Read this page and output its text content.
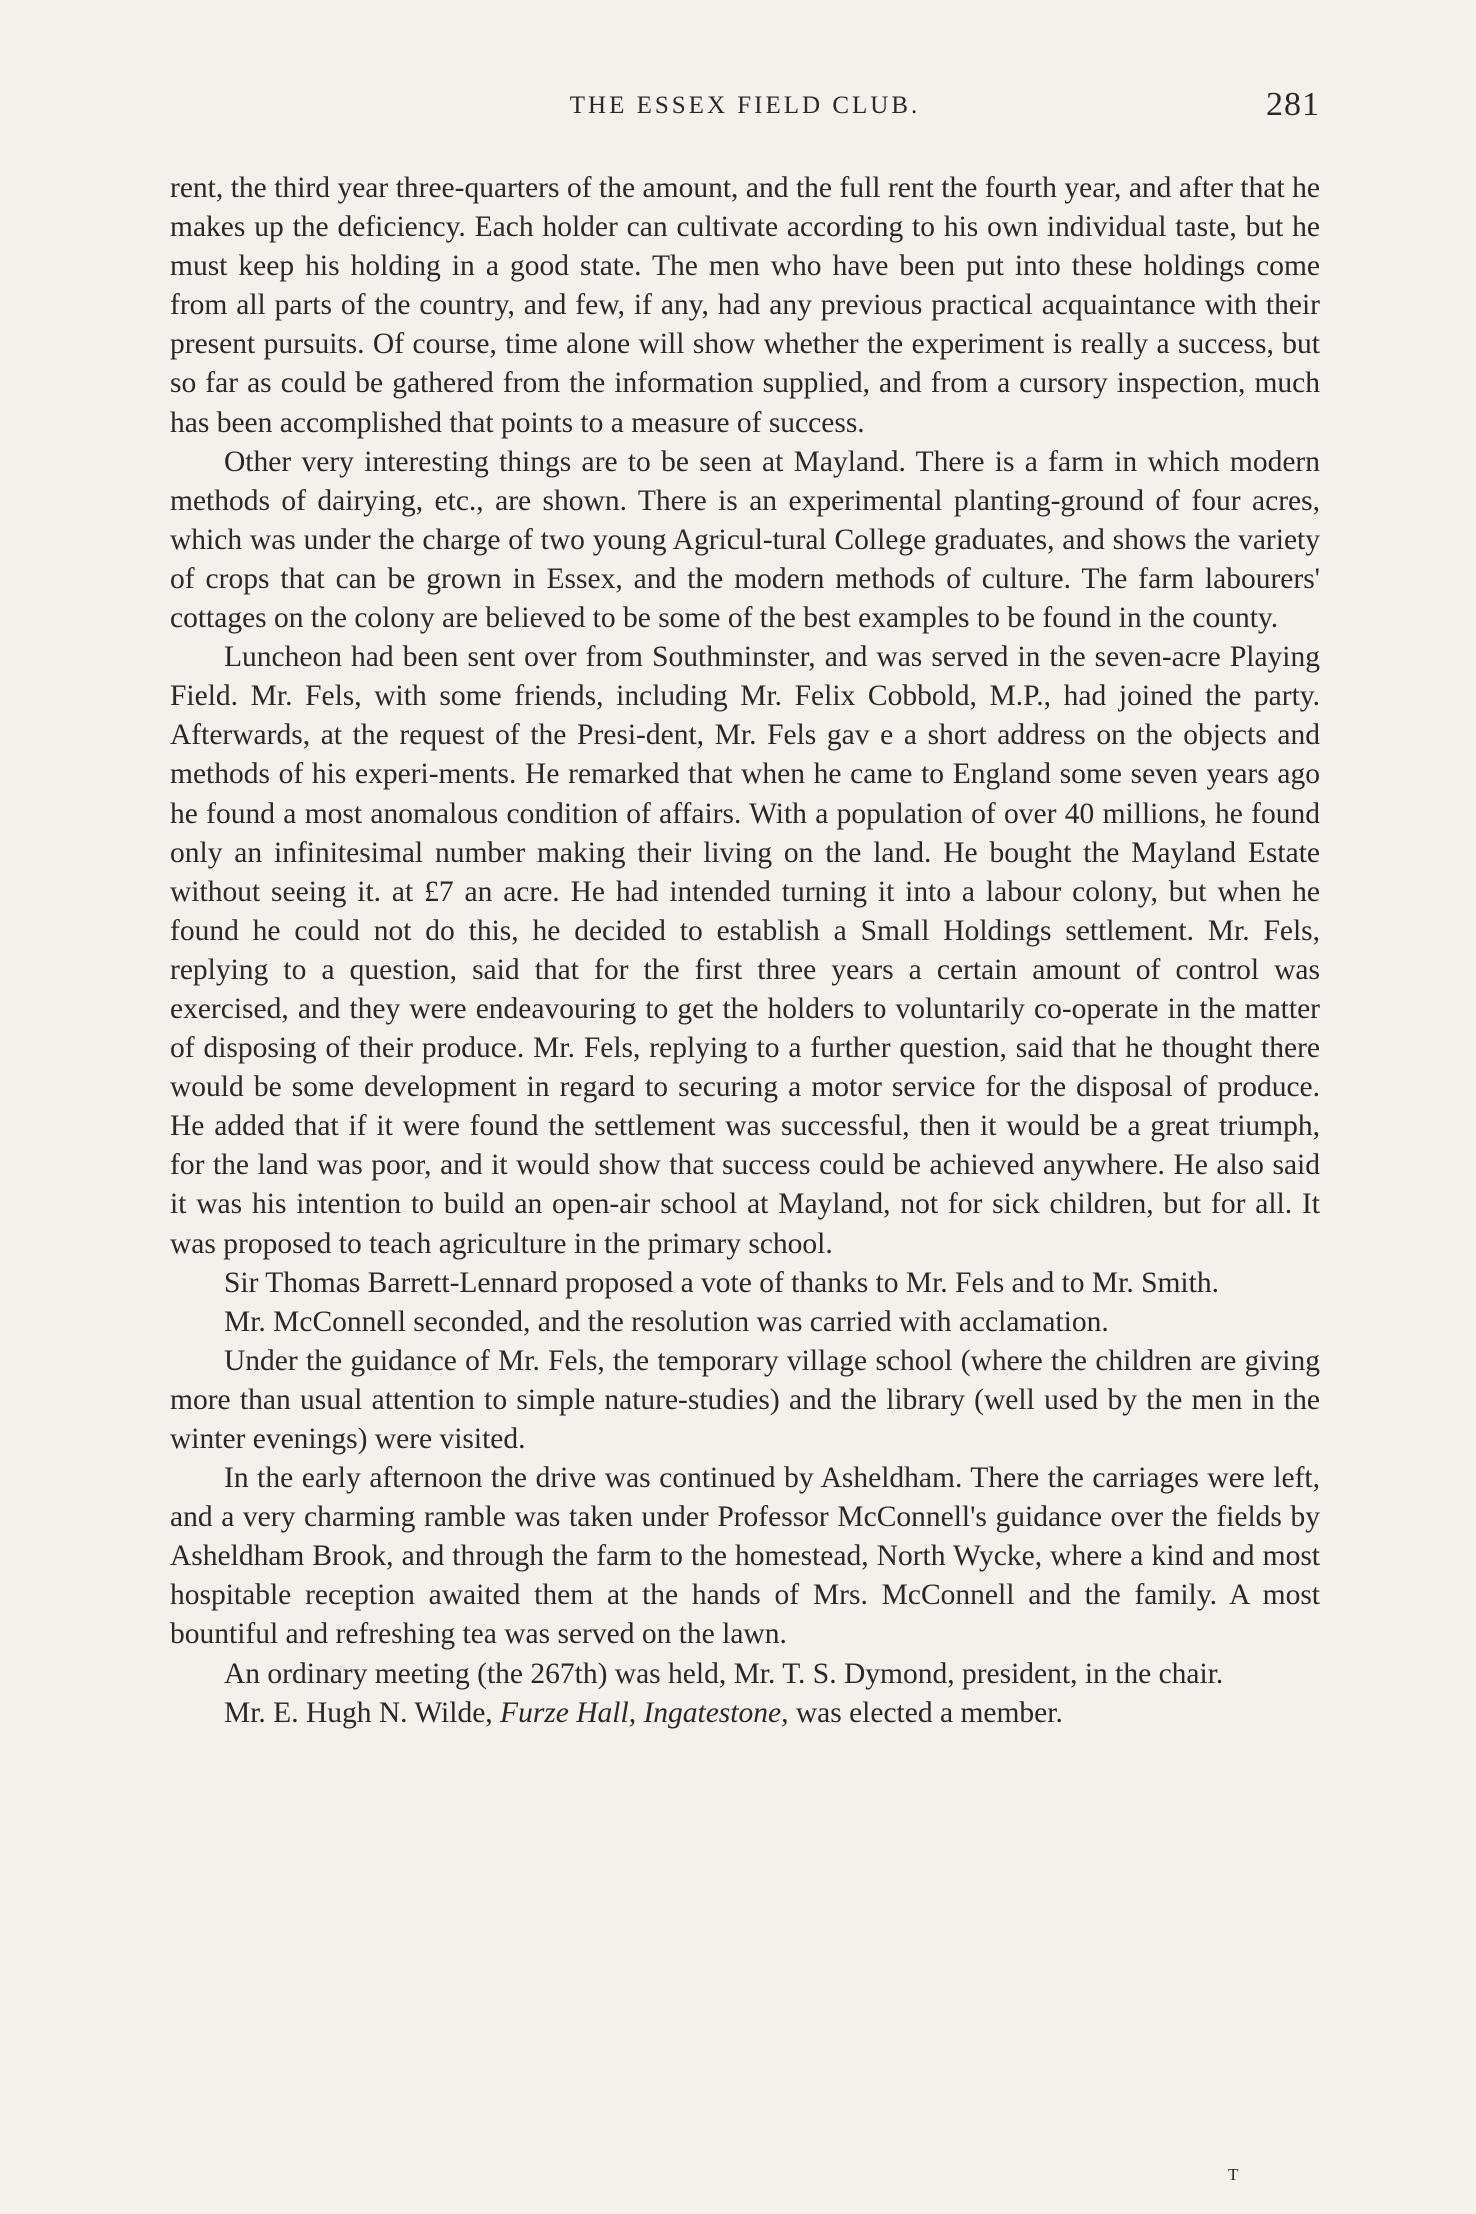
THE ESSEX FIELD CLUB.	281

rent, the third year three-quarters of the amount, and the full rent the fourth year, and after that he makes up the deficiency. Each holder can cultivate according to his own individual taste, but he must keep his holding in a good state. The men who have been put into these holdings come from all parts of the country, and few, if any, had any previous practical acquaintance with their present pursuits. Of course, time alone will show whether the experiment is really a success, but so far as could be gathered from the information supplied, and from a cursory inspection, much has been accomplished that points to a measure of success.

Other very interesting things are to be seen at Mayland. There is a farm in which modern methods of dairying, etc., are shown. There is an experimental planting-ground of four acres, which was under the charge of two young Agricul-tural College graduates, and shows the variety of crops that can be grown in Essex, and the modern methods of culture. The farm labourers' cottages on the colony are believed to be some of the best examples to be found in the county.

Luncheon had been sent over from Southminster, and was served in the seven-acre Playing Field. Mr. Fels, with some friends, including Mr. Felix Cobbold, M.P., had joined the party. Afterwards, at the request of the Presi-dent, Mr. Fels gav e a short address on the objects and methods of his experi-ments. He remarked that when he came to England some seven years ago he found a most anomalous condition of affairs. With a population of over 40 millions, he found only an infinitesimal number making their living on the land. He bought the Mayland Estate without seeing it. at £7 an acre. He had intended turning it into a labour colony, but when he found he could not do this, he decided to establish a Small Holdings settlement. Mr. Fels, replying to a question, said that for the first three years a certain amount of control was exercised, and they were endeavouring to get the holders to voluntarily co-operate in the matter of disposing of their produce. Mr. Fels, replying to a further question, said that he thought there would be some development in regard to securing a motor service for the disposal of produce. He added that if it were found the settlement was successful, then it would be a great triumph, for the land was poor, and it would show that success could be achieved anywhere. He also said it was his intention to build an open-air school at Mayland, not for sick children, but for all. It was proposed to teach agriculture in the primary school.

Sir Thomas Barrett-Lennard proposed a vote of thanks to Mr. Fels and to Mr. Smith.

Mr. McConnell seconded, and the resolution was carried with acclamation.

Under the guidance of Mr. Fels, the temporary village school (where the children are giving more than usual attention to simple nature-studies) and the library (well used by the men in the winter evenings) were visited.

In the early afternoon the drive was continued by Asheldham. There the carriages were left, and a very charming ramble was taken under Professor McConnell's guidance over the fields by Asheldham Brook, and through the farm to the homestead, North Wycke, where a kind and most hospitable reception awaited them at the hands of Mrs. McConnell and the family. A most bountiful and refreshing tea was served on the lawn.

An ordinary meeting (the 267th) was held, Mr. T. S. Dymond, president, in the chair.

Mr. E. Hugh N. Wilde, Furze Hall, Ingatestone, was elected a member.

T
